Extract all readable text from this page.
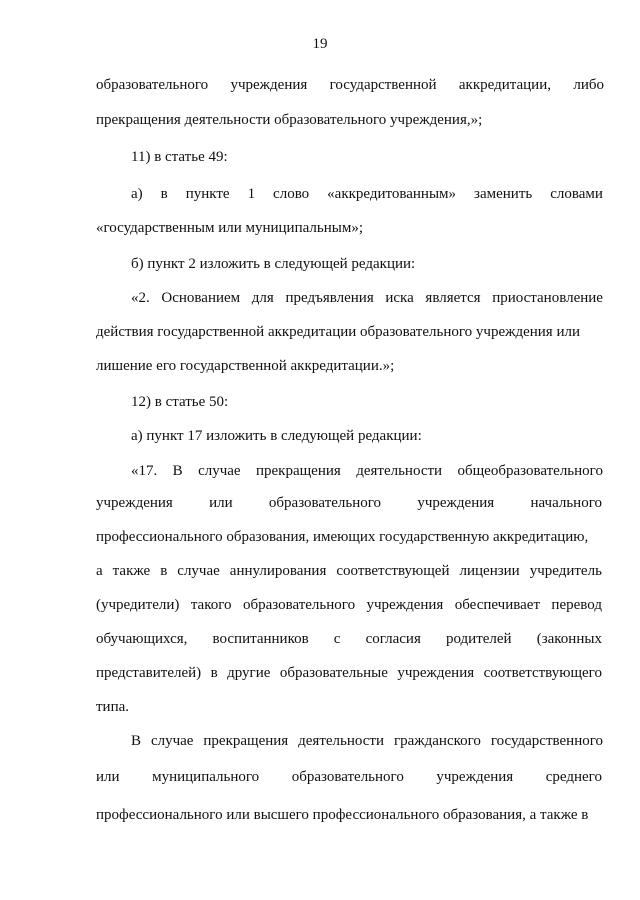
19
образовательного учреждения государственной аккредитации, либо
прекращения деятельности образовательного учреждения,»;
11) в статье 49:
а) в пункте 1 слово «аккредитованным» заменить словами
«государственным или муниципальным»;
б) пункт 2 изложить в следующей редакции:
«2. Основанием для предъявления иска является приостановление
действия государственной аккредитации образовательного учреждения или
лишение его государственной аккредитации.»;
12) в статье 50:
а) пункт 17 изложить в следующей редакции:
«17. В случае прекращения деятельности общеобразовательного
учреждения или образовательного учреждения начального
профессионального образования, имеющих государственную аккредитацию,
а также в случае аннулирования соответствующей лицензии учредитель
(учредители) такого образовательного учреждения обеспечивает перевод
обучающихся, воспитанников с согласия родителей (законных
представителей) в другие образовательные учреждения соответствующего
типа.
В случае прекращения деятельности гражданского государственного
или муниципального образовательного учреждения среднего
профессионального или высшего профессионального образования, а также в
